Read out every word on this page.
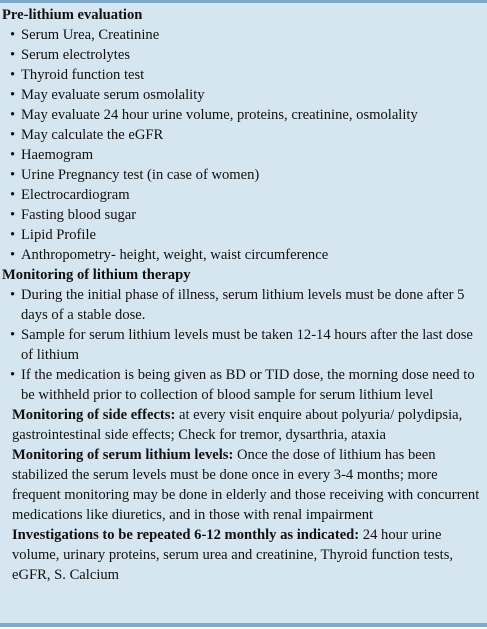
Pre-lithium evaluation
• Serum Urea, Creatinine
• Serum electrolytes
• Thyroid function test
• May evaluate serum osmolality
• May evaluate 24 hour urine volume, proteins, creatinine, osmolality
• May calculate the eGFR
• Haemogram
• Urine Pregnancy test (in case of women)
• Electrocardiogram
• Fasting blood sugar
• Lipid Profile
• Anthropometry- height, weight, waist circumference
Monitoring of lithium therapy
• During the initial phase of illness, serum lithium levels must be done after 5 days of a stable dose.
• Sample for serum lithium levels must be taken 12-14 hours after the last dose of lithium
• If the medication is being given as BD or TID dose, the morning dose need to be withheld prior to collection of blood sample for serum lithium level
Monitoring of side effects: at every visit enquire about polyuria/ polydipsia, gastrointestinal side effects; Check for tremor, dysarthria, ataxia
Monitoring of serum lithium levels: Once the dose of lithium has been stabilized the serum levels must be done once in every 3-4 months; more frequent monitoring may be done in elderly and those receiving with concurrent medications like diuretics, and in those with renal impairment
Investigations to be repeated 6-12 monthly as indicated: 24 hour urine volume, urinary proteins, serum urea and creatinine, Thyroid function tests, eGFR, S. Calcium
